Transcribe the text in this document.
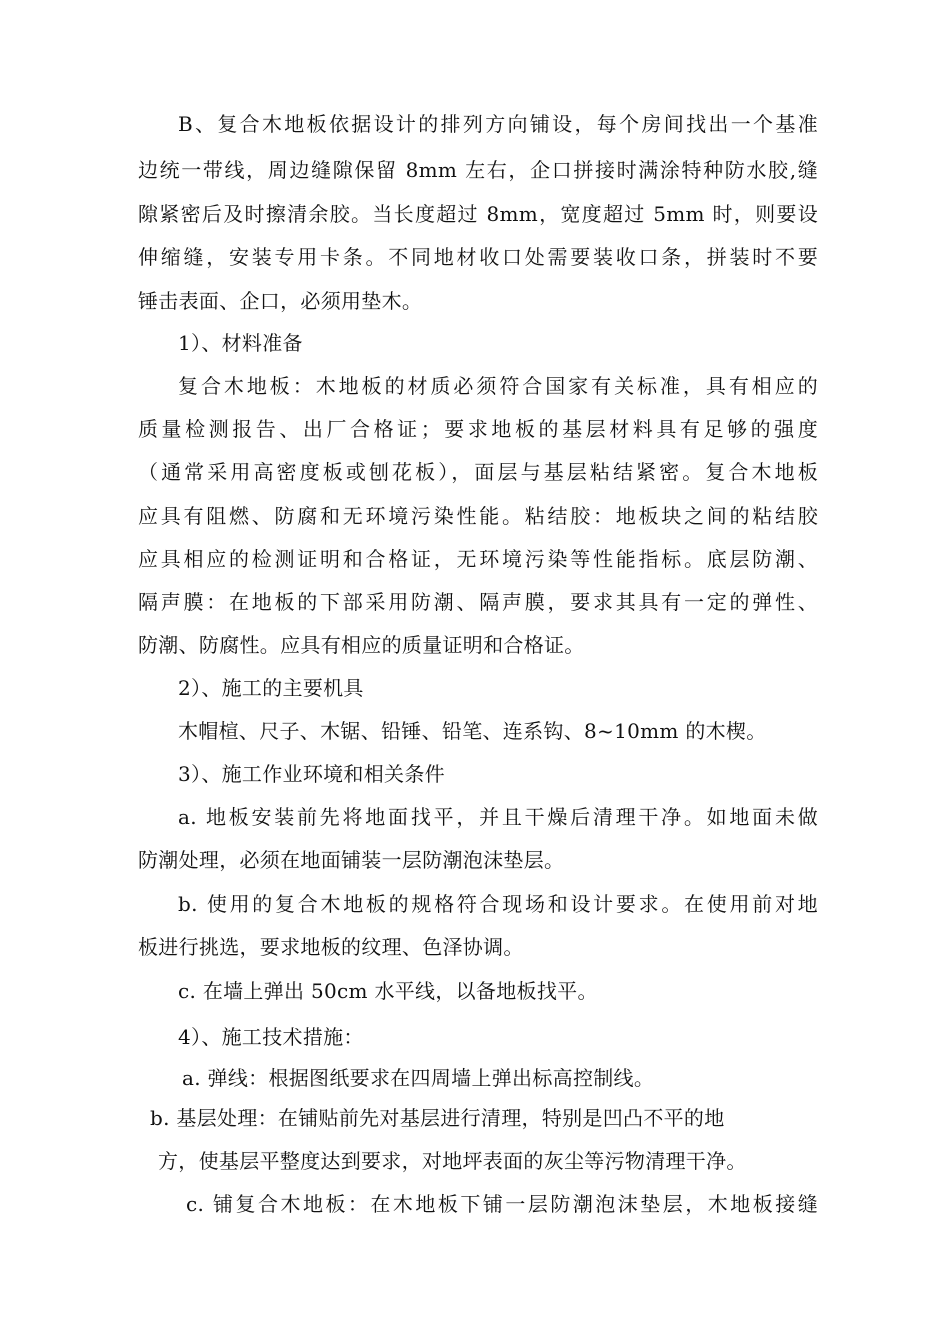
B、复合木地板依据设计的排列方向铺设，每个房间找出一个基准
边统一带线，周边缝隙保留 8mm 左右，企口拼接时满涂特种防水胶,缝
隙紧密后及时擦清余胶。当长度超过 8mm，宽度超过 5mm 时，则要设
伸缩缝，安装专用卡条。不同地材收口处需要装收口条，拼装时不要
锤击表面、企口，必须用垫木。
1）、材料准备
复合木地板：木地板的材质必须符合国家有关标准，具有相应的
质量检测报告、出厂合格证；要求地板的基层材料具有足够的强度
（通常采用高密度板或刨花板），面层与基层粘结紧密。复合木地板
应具有阻燃、防腐和无环境污染性能。粘结胶：地板块之间的粘结胶
应具相应的检测证明和合格证，无环境污染等性能指标。底层防潮、
隔声膜：在地板的下部采用防潮、隔声膜，要求其具有一定的弹性、
防潮、防腐性。应具有相应的质量证明和合格证。
2）、施工的主要机具
木帽楦、尺子、木锯、铅锤、铅笔、连系钩、8~10mm 的木楔。
3）、施工作业环境和相关条件
a. 地板安装前先将地面找平，并且干燥后清理干净。如地面未做
防潮处理，必须在地面铺装一层防潮泡沫垫层。
b. 使用的复合木地板的规格符合现场和设计要求。在使用前对地
板进行挑选，要求地板的纹理、色泽协调。
c. 在墙上弹出 50cm 水平线，以备地板找平。
4）、施工技术措施：
a. 弹线：根据图纸要求在四周墙上弹出标高控制线。
b. 基层处理：在铺贴前先对基层进行清理，特别是凹凸不平的地
方，使基层平整度达到要求，对地坪表面的灰尘等污物清理干净。
c. 铺复合木地板：在木地板下铺一层防潮泡沫垫层，木地板接缝
